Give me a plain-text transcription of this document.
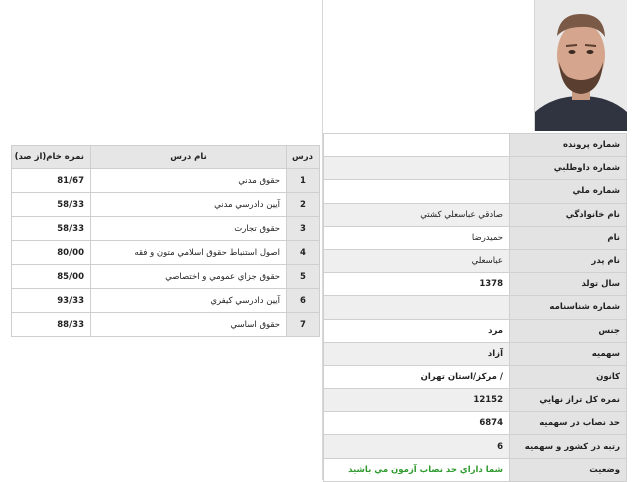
درس	نام درس	نمره خام(از صد)
1	حقوق مدني	81/67
2	آيين دادرسي مدني	58/33
3	حقوق تجارت	58/33
4	اصول استنباط حقوق اسلامي متون و فقه	80/00
5	حقوق جزاي عمومي و اختصاصي	85/00
6	آيين دادرسي كيفري	93/33
7	حقوق اساسي	88/33
شماره پرونده	
شماره داوطلبي	
شماره ملي	
نام خانوادگي	صادقي عباسعلي كشتي
نام	حميدرضا
نام پدر	عباسعلي
سال تولد	1378
شماره شناسنامه	
جنس	مرد
سهميه	آزاد
كانون	/ مركز/استان تهران
نمره كل تراز نهايي	12152
حد نصاب در سهميه	6874
رتبه در كشور و سهميه	6
وضعيت	شما داراي حد نصاب آزمون مي باشيد
